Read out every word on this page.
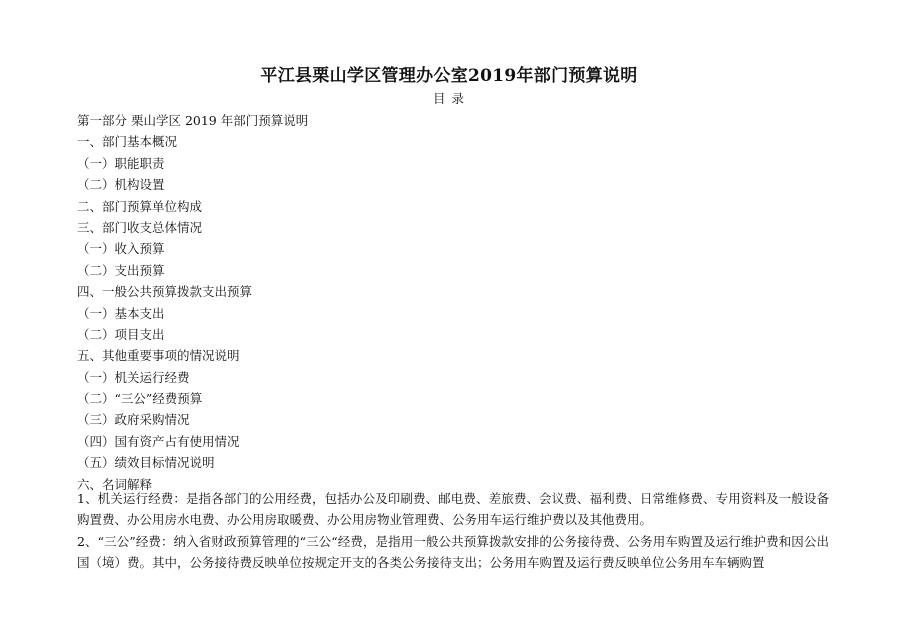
平江县栗山学区管理办公室2019年部门预算说明
目 录
第一部分 栗山学区 2019 年部门预算说明
一、部门基本概况
（一）职能职责
（二）机构设置
二、部门预算单位构成
三、部门收支总体情况
（一）收入预算
（二）支出预算
四、一般公共预算拨款支出预算
（一）基本支出
（二）项目支出
五、其他重要事项的情况说明
（一）机关运行经费
（二）“三公”经费预算
（三）政府采购情况
（四）国有资产占有使用情况
（五）绩效目标情况说明
六、名词解释

1、机关运行经费：是指各部门的公用经费，包括办公及印刷费、邮电费、差旅费、会议费、福利费、日常维修费、专用资料及一般设备购置费、办公用房水电费、办公用房取暖费、办公用房物业管理费、公务用车运行维护费以及其他费用。

2、“三公”经费：纳入省财政预算管理的“三公“经费，是指用一般公共预算拨款安排的公务接待费、公务用车购置及运行维护费和因公出国（境）费。其中，公务接待费反映单位按规定开支的各类公务接待支出；公务用车购置及运行费反映单位公务用车车辆购置
